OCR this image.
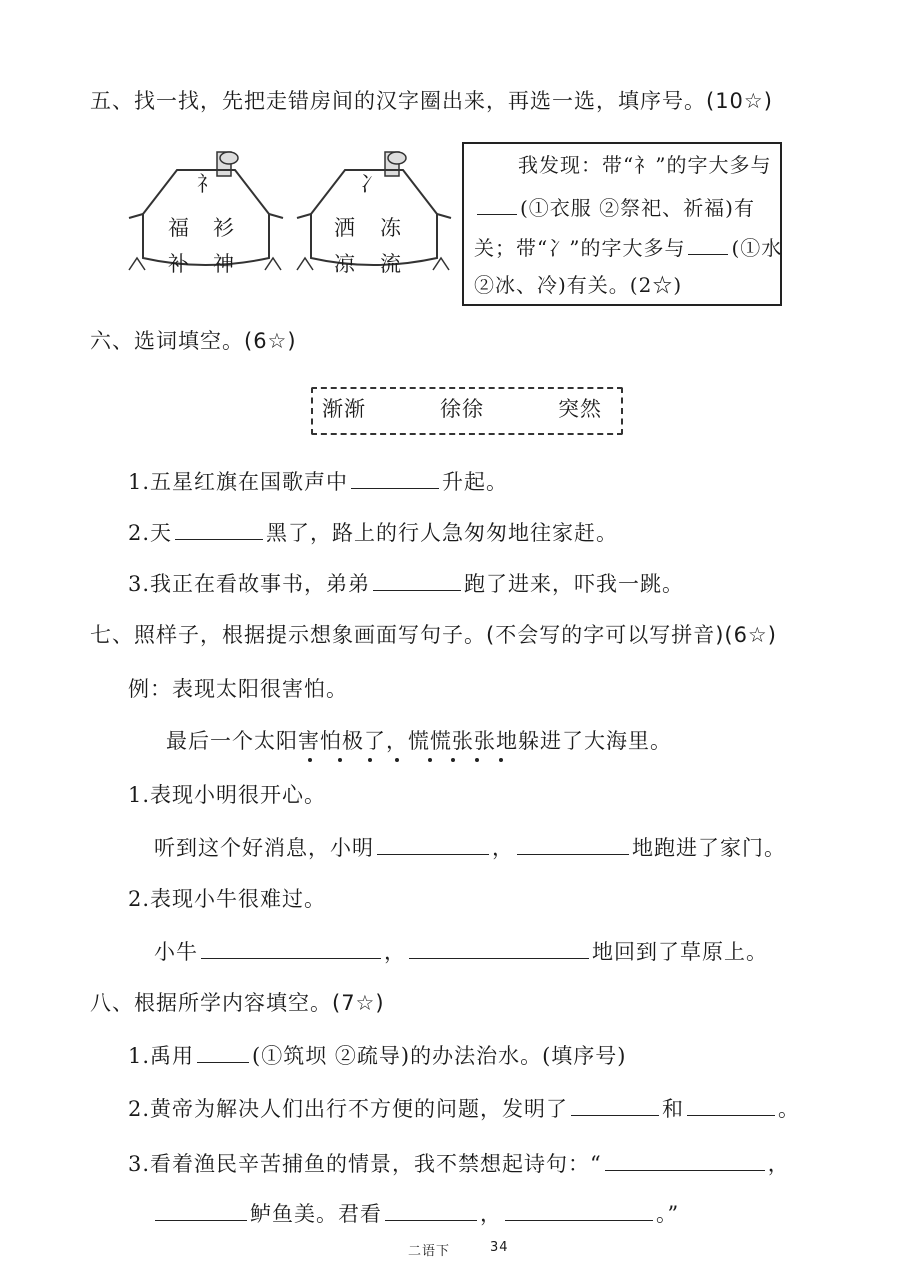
五、找一找，先把走错房间的汉字圈出来，再选一选，填序号。(10☆)
礻
福 衫
补 神
冫
洒 冻
凉 流
我发现：带“礻”的字大多与
(①衣服 ②祭祀、祈福)有
关；带“冫”的字大多与 (①水
②冰、冷)有关。(2☆)
六、选词填空。(6☆)
渐渐	徐徐	突然
1.五星红旗在国歌声中	升起。
2.天	黑了，路上的行人急匆匆地往家赶。
3.我正在看故事书，弟弟	跑了进来，吓我一跳。
七、照样子，根据提示想象画面写句子。(不会写的字可以写拼音)(6☆)
例：表现太阳很害怕。
最后一个太阳害怕极了，慌慌张张地躲进了大海里。
1.表现小明很开心。
听到这个好消息，小明	，	地跑进了家门。
2.表现小牛很难过。
小牛	，	地回到了草原上。
八、根据所学内容填空。(7☆)
1.禹用	(①筑坝 ②疏导)的办法治水。(填序号)
2.黄帝为解决人们出行不方便的问题，发明了	和	。
3.看着渔民辛苦捕鱼的情景，我不禁想起诗句：“	，
鲈鱼美。君看	，	。”
二语下	34
